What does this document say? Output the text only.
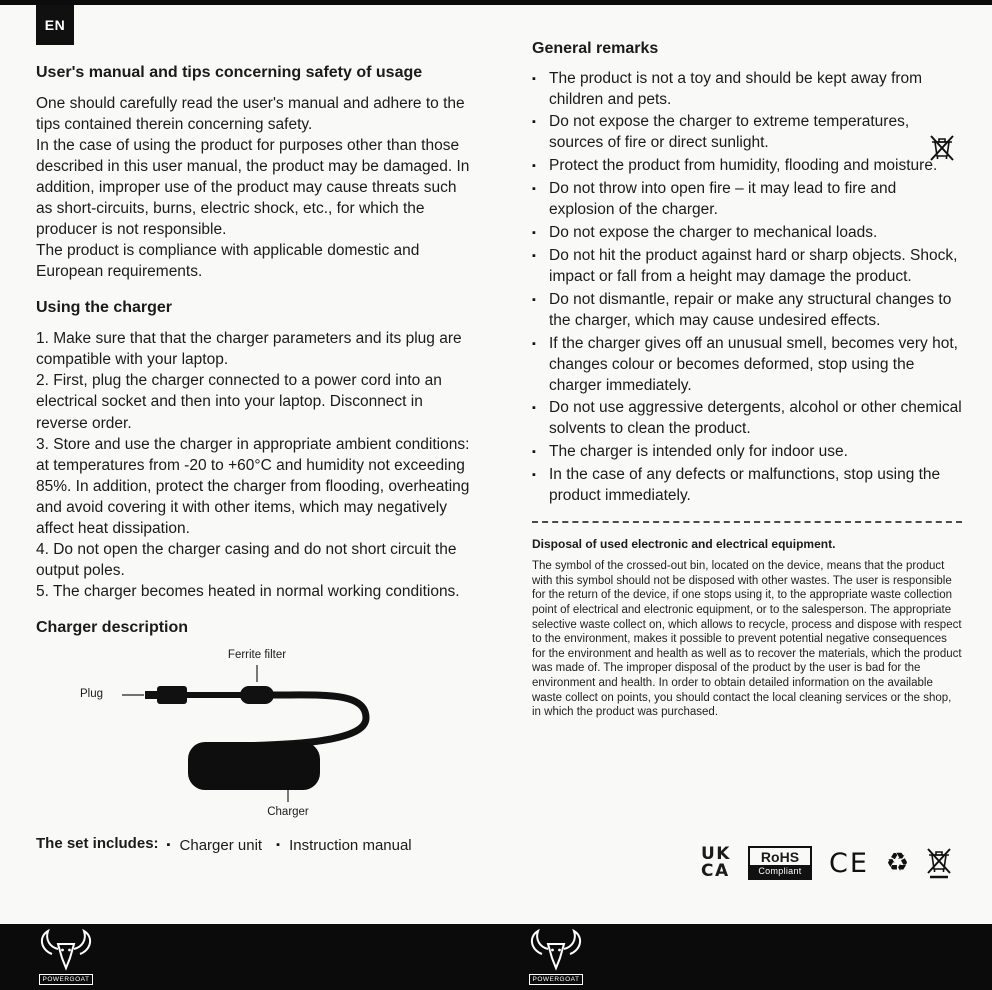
EN
User's manual and tips concerning safety of usage
One should carefully read the user's manual and adhere to the tips contained therein concerning safety.
In the case of using the product for purposes other than those described in this user manual, the product may be damaged. In addition, improper use of the product may cause threats such as short-circuits, burns, electric shock, etc., for which the producer is not responsible.
The product is compliance with applicable domestic and European requirements.
Using the charger
1. Make sure that that the charger parameters and its plug are compatible with your laptop.
2. First, plug the charger connected to a power cord into an electrical socket and then into your laptop. Disconnect in reverse order.
3. Store and use the charger in appropriate ambient conditions: at temperatures from -20 to +60°C and humidity not exceeding 85%. In addition, protect the charger from flooding, overheating and avoid covering it with other items, which may negatively affect heat dissipation.
4. Do not open the charger casing and do not short circuit the output poles.
5. The charger becomes heated in normal working conditions.
Charger description
Ferrite filter
Plug
Charger
The set includes: ▪ Charger unit ▪ Instruction manual
General remarks
▪ The product is not a toy and should be kept away from children and pets.
▪ Do not expose the charger to extreme temperatures, sources of fire or direct sunlight.
▪ Protect the product from humidity, flooding and moisture.
▪ Do not throw into open fire – it may lead to fire and explosion of the charger.
▪ Do not expose the charger to mechanical loads.
▪ Do not hit the product against hard or sharp objects. Shock, impact or fall from a height may damage the product.
▪ Do not dismantle, repair or make any structural changes to the charger, which may cause undesired effects.
▪ If the charger gives off an unusual smell, becomes very hot, changes colour or becomes deformed, stop using the charger immediately.
▪ Do not use aggressive detergents, alcohol or other chemical solvents to clean the product.
▪ The charger is intended only for indoor use.
▪ In the case of any defects or malfunctions, stop using the product immediately.
Disposal of used electronic and electrical equipment.
The symbol of the crossed-out bin, located on the device, means that the product with this symbol should not be disposed with other wastes. The user is responsible for the return of the device, if one stops using it, to the appropriate waste collection point of electrical and electronic equipment, or to the salesperson. The appropriate selective waste collect on, which allows to recycle, process and dispose with respect to the environment, makes it possible to prevent potential negative consequences for the environment and health as well as to recover the materials, which the product was made of. The improper disposal of the product by the user is bad for the environment and health. In order to obtain detailed information on the available waste collect on points, you should contact the local cleaning services or the shop, in which the product was purchased.
UK
CA
RoHS
Compliant	CE ♻
POWERGOAT	POWERGOAT
